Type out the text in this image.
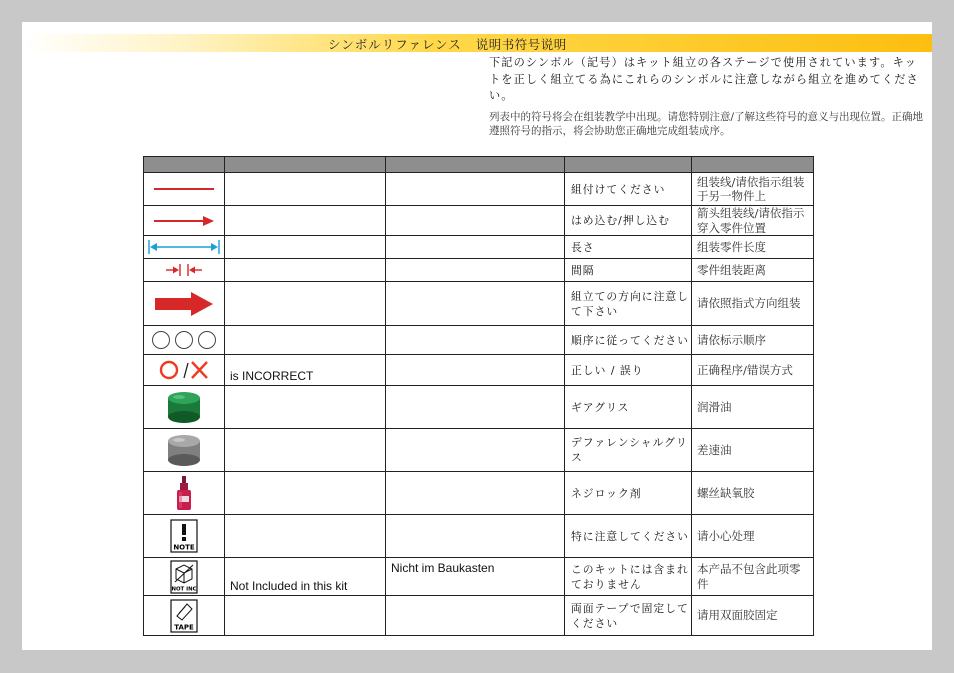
シンボルリファレンス 说明书符号说明
下記のシンボル（記号）はキット組立の各ステージで使用されています。キットを正しく組立てる為にこれらのシンボルに注意しながら組立を進めてください。
列表中的符号将会在组装教学中出现。请您特别注意/了解这些符号的意义与出现位置。正确地遵照符号的指示，将会协助您正确地完成组装成序。

			組付けてください	组装线/请依指示组装于另一物件上

			はめ込む/押し込む	箭头组装线/请依指示穿入零件位置

			長さ	组装零件长度

			間隔	零件组装距离

			組立ての方向に注意して下さい	请依照指式方向组装

			順序に従ってください	请依标示顺序

	is INCORRECT		正しい / 誤り	正确程序/错误方式

			ギアグリス	润滑油

			デファレンシャルグリス	差速油

			ネジロック剤	螺丝缺氧胶

NOTE			特に注意してください	请小心处理

NOT INC	Not Included in this kit	Nicht im Baukasten	このキットには含まれておりません	本产品不包含此项零件

TAPE			両面テープで固定してください	请用双面胶固定
